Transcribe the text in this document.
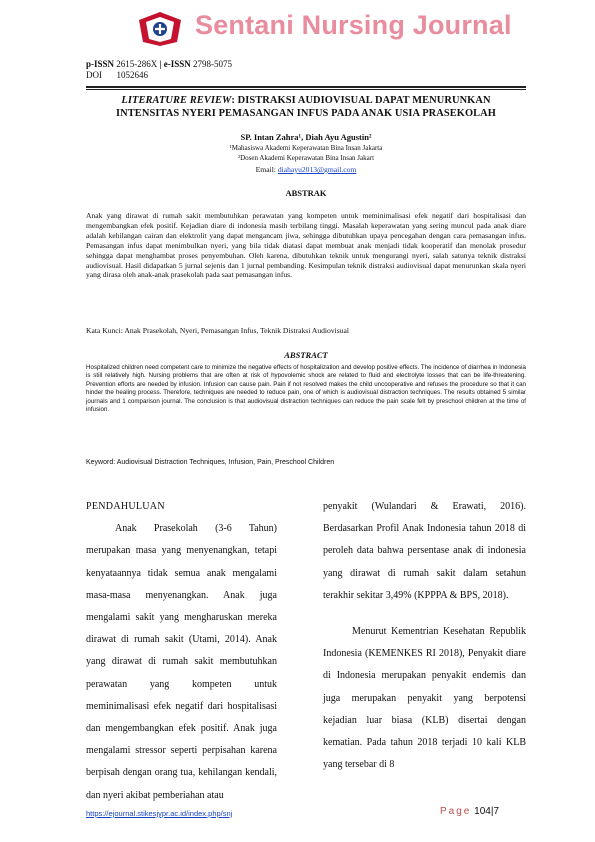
Sentani Nursing Journal
p-ISSN 2615-286X | e-ISSN 2798-5075
DOI 1052646
LITERATURE REVIEW: DISTRAKSI AUDIOVISUAL DAPAT MENURUNKAN
INTENSITAS NYERI PEMASANGAN INFUS PADA ANAK USIA PRASEKOLAH
SP. Intan Zahra¹, Diah Ayu Agustin²
¹Mahasiswa Akademi Keperawatan Bina Insan Jakarta
²Dosen Akademi Keperawatan Bina Insan Jakart
Email: diahayu2013@gmail.com
ABSTRAK
Anak yang dirawat di rumah sakit membutuhkan perawatan yang kompeten untuk meminimalisasi efek negatif dari hospitalisasi dan mengembangkan efek positif. Kejadian diare di indonesia masih terbilang tinggi. Masalah keperawatan yang sering muncul pada anak diare adalah kehilangan cairan dan elektrolit yang dapat mengancam jiwa, sehingga dibutuhkan upaya pencegahan dengan cara pemasangan infus. Pemasangan infus dapat menimbulkan nyeri, yang bila tidak diatasi dapat membuat anak menjadi tidak kooperatif dan menolak prosedur sehingga dapat menghambat proses penyembuhan. Oleh karena, dibutuhkan teknik untuk mengurangi nyeri, salah satunya teknik distraksi audiovisual. Hasil didapatkan 5 jurnal sejenis dan 1 jurnal pembanding. Kesimpulan teknik distraksi audiovisual dapat menurunkan skala nyeri yang dirasa oleh anak-anak prasekolah pada saat pemasangan infus.
Kata Kunci: Anak Prasekolah, Nyeri, Pemasangan Infus, Teknik Distraksi Audiovisual
ABSTRACT
Hospitalized children need competent care to minimize the negative effects of hospitalization and develop positive effects. The incidence of diarrhea in Indonesia is still relatively high. Nursing problems that are often at risk of hypovolemic shock are related to fluid and electrolyte losses that can be life-threatening. Prevention efforts are needed by infusion. Infusion can cause pain. Pain if not resolved makes the child uncooperative and refuses the procedure so that it can hinder the healing process. Therefore, techniques are needed to reduce pain, one of which is audiovisual distraction techniques. The results obtained 5 similar journals and 1 comparison journal. The conclusion is that audiovisual distraction techniques can reduce the pain scale felt by preschool children at the time of infusion.
Keyword: Audiovisual Distraction Techniques, Infusion, Pain, Preschool Children

PENDAHULUAN

Anak Prasekolah (3-6 Tahun) merupakan masa yang menyenangkan, tetapi kenyataannya tidak semua anak mengalami masa-masa menyenangkan. Anak juga mengalami sakit yang mengharuskan mereka dirawat di rumah sakit (Utami, 2014). Anak yang dirawat di rumah sakit membutuhkan perawatan yang kompeten untuk meminimalisasi efek negatif dari hospitalisasi dan mengembangkan efek positif. Anak juga mengalami stressor seperti perpisahan karena berpisah dengan orang tua, kehilangan kendali, dan nyeri akibat pemberiahan atau

penyakit (Wulandari & Erawati, 2016). Berdasarkan Profil Anak Indonesia tahun 2018 di peroleh data bahwa persentase anak di indonesia yang dirawat di rumah sakit dalam setahun terakhir sekitar 3,49% (KPPPA & BPS, 2018).

Menurut Kementrian Kesehatan Republik Indonesia (KEMENKES RI 2018), Penyakit diare di Indonesia merupakan penyakit endemis dan juga merupakan penyakit yang berpotensi kejadian luar biasa (KLB) disertai dengan kematian. Pada tahun 2018 terjadi 10 kali KLB yang tersebar di 8

https://ejournal.stikesjypr.ac.id/index.php/snj	Page 104|7
